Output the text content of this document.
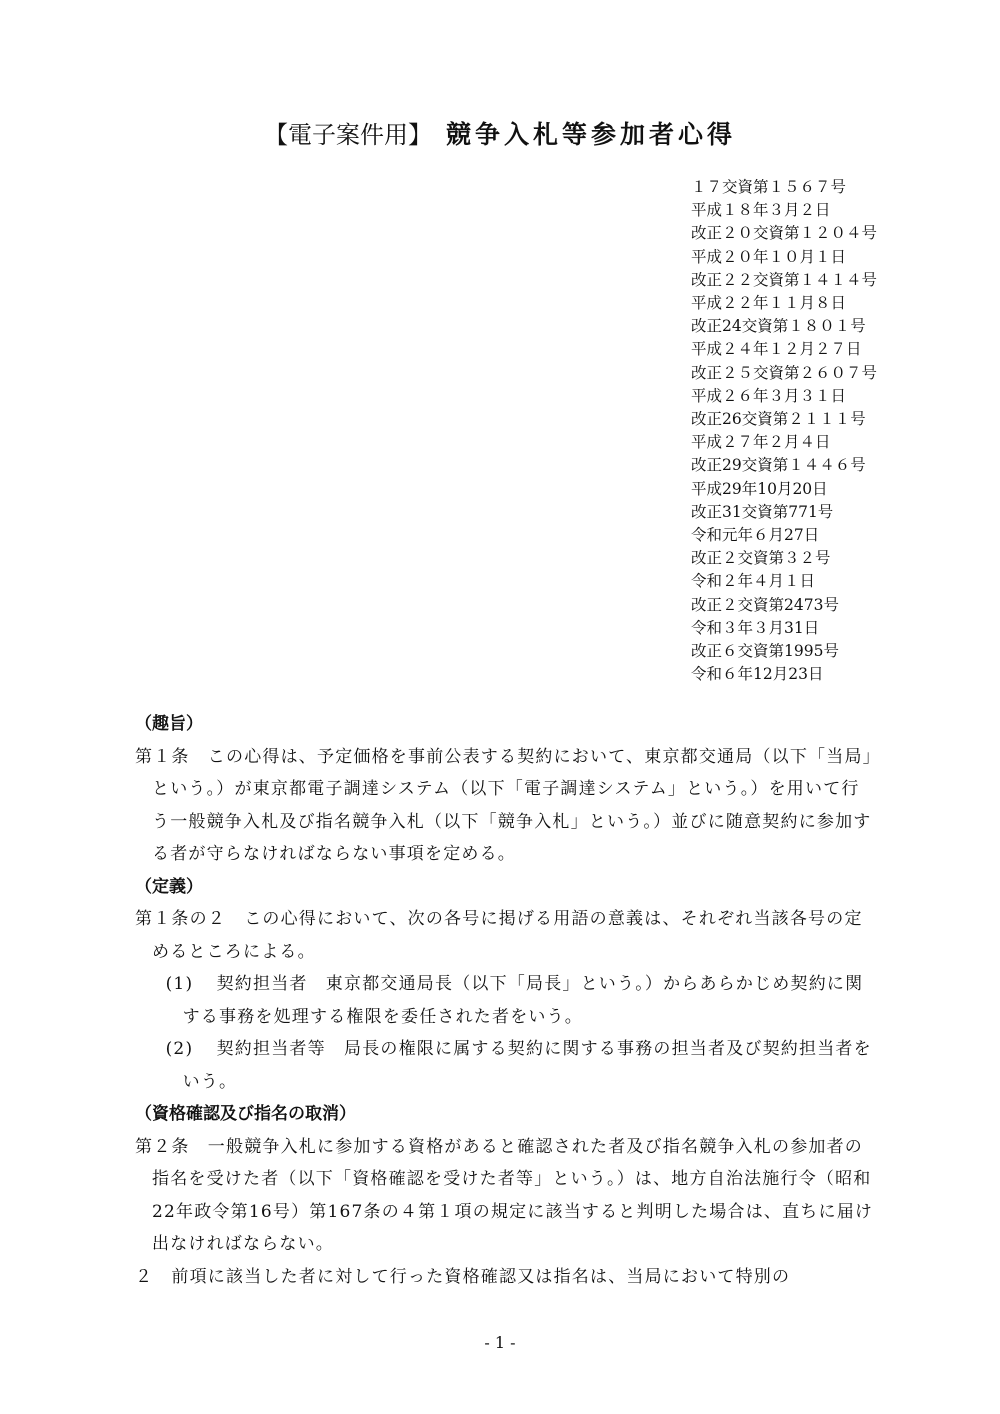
【電子案件用】 競争入札等参加者心得
１７交資第１５６７号
平成１８年３月２日
改正２０交資第１２０４号
平成２０年１０月１日
改正２２交資第１４１４号
平成２２年１１月８日
改正24交資第１８０１号
平成２４年１２月２７日
改正２５交資第２６０７号
平成２６年３月３１日
改正26交資第２１１１号
平成２７年２月４日
改正29交資第１４４６号
平成29年10月20日
改正31交資第771号
令和元年６月27日
改正２交資第３２号
令和２年４月１日
改正２交資第2473号
令和３年３月31日
改正６交資第1995号
令和６年12月23日
（趣旨）
第１条　この心得は、予定価格を事前公表する契約において、東京都交通局（以下「当局」という。）が東京都電子調達システム（以下「電子調達システム」という。）を用いて行う一般競争入札及び指名競争入札（以下「競争入札」という。）並びに随意契約に参加する者が守らなければならない事項を定める。
（定義）
第１条の２　この心得において、次の各号に掲げる用語の意義は、それぞれ当該各号の定めるところによる。
(1) 契約担当者　東京都交通局長（以下「局長」という。）からあらかじめ契約に関する事務を処理する権限を委任された者をいう。
(2) 契約担当者等　局長の権限に属する契約に関する事務の担当者及び契約担当者をいう。
（資格確認及び指名の取消）
第２条　一般競争入札に参加する資格があると確認された者及び指名競争入札の参加者の指名を受けた者（以下「資格確認を受けた者等」という。）は、地方自治法施行令（昭和22年政令第16号）第167条の４第１項の規定に該当すると判明した場合は、直ちに届け出なければならない。
２　前項に該当した者に対して行った資格確認又は指名は、当局において特別の
- 1 -
